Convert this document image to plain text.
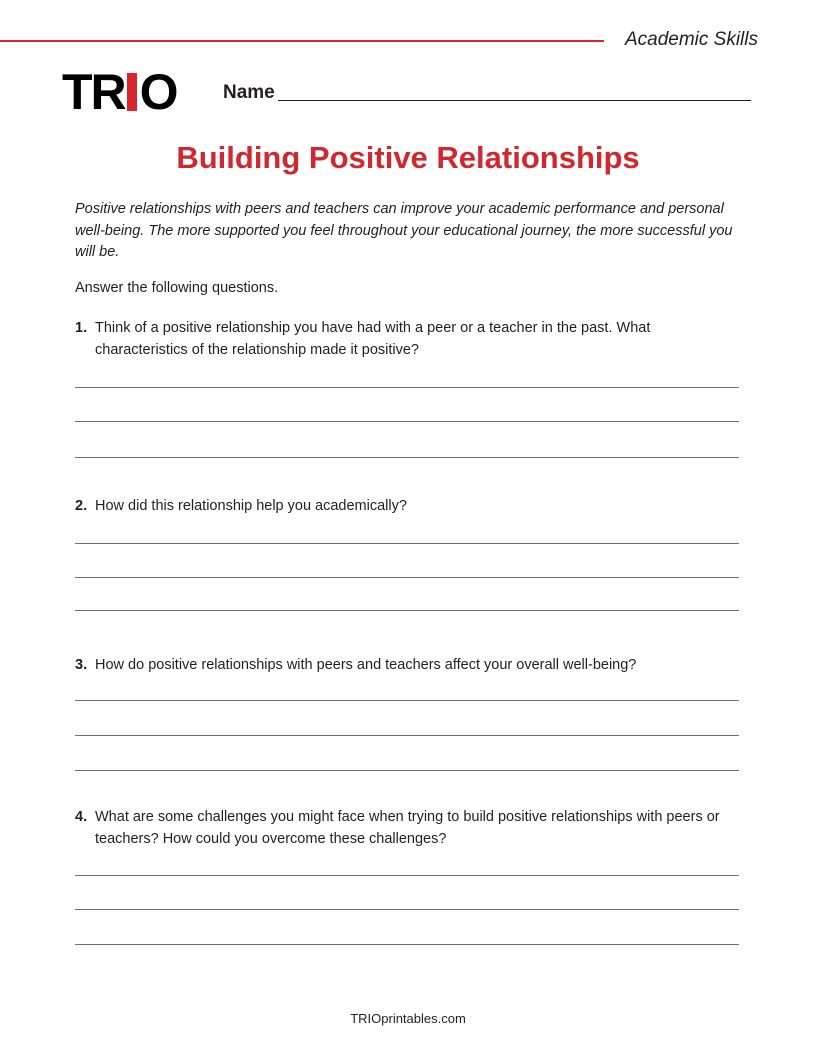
Academic Skills
T R O Name
Building Positive Relationships

Positive relationships with peers and teachers can improve your academic performance and personal well-being. The more supported you feel throughout your educational journey, the more successful you will be.

Answer the following questions.

1. Think of a positive relationship you have had with a peer or a teacher in the past. What characteristics of the relationship made it positive?
2. How did this relationship help you academically?
3. How do positive relationships with peers and teachers affect your overall well-being?
4. What are some challenges you might face when trying to build positive relationships with peers or teachers? How could you overcome these challenges?
TRIOprintables.com
